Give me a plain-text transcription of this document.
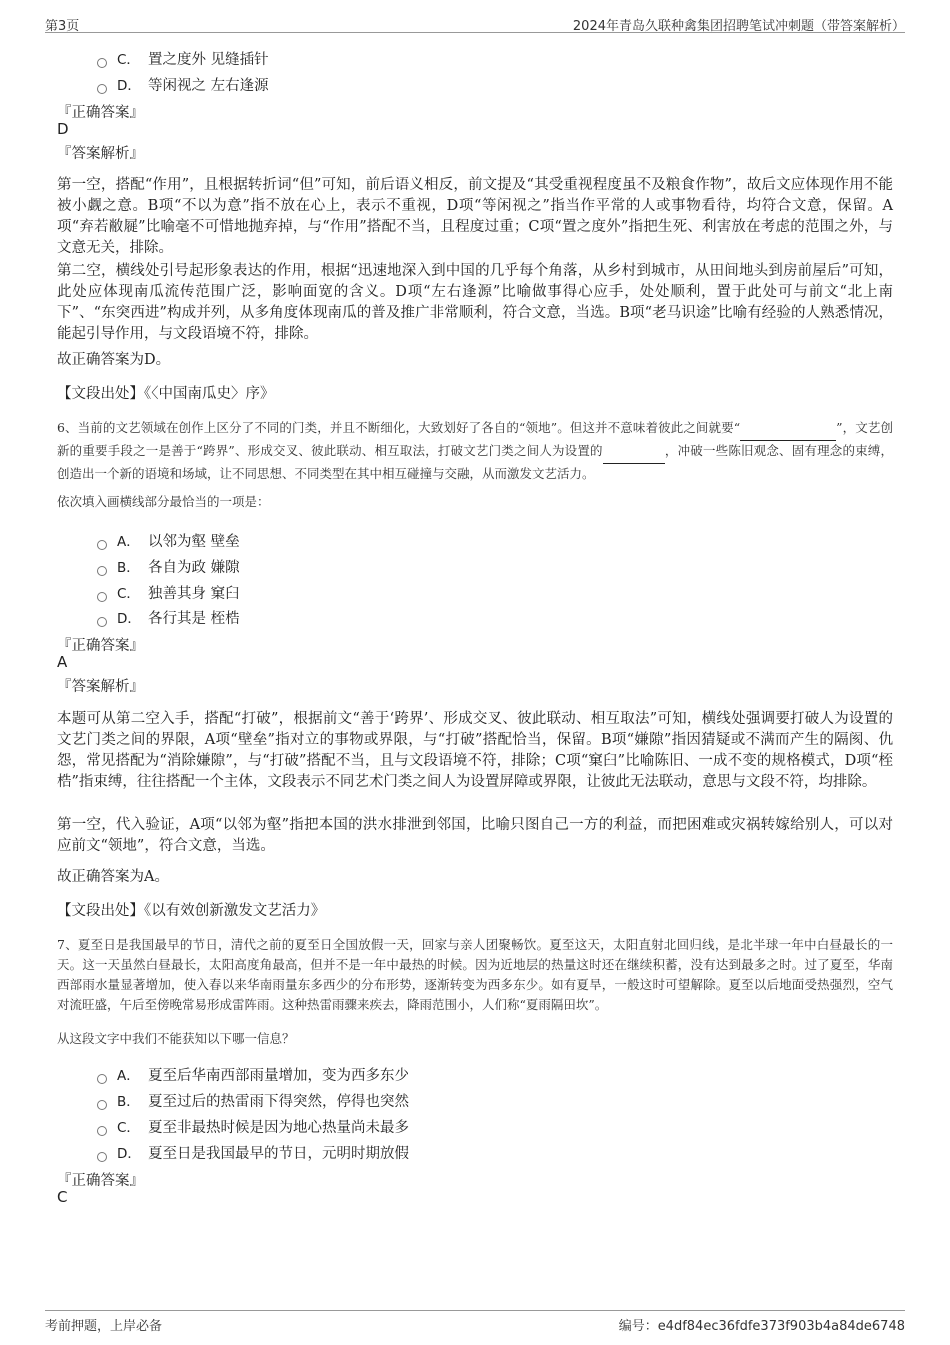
第3页	2024年青岛久联种禽集团招聘笔试冲刺题（带答案解析）
C． 置之度外 见缝插针
D． 等闲视之 左右逢源
『正确答案』
D
『答案解析』
第一空，搭配“作用”，且根据转折词“但”可知，前后语义相反，前文提及“其受重视程度虽不及粮食作物”，故后文应体现作用不能被小觑之意。B项“不以为意”指不放在心上，表示不重视，D项“等闲视之”指当作平常的人或事物看待，均符合文意，保留。A项“弃若敝屣”比喻毫不可惜地抛弃掉，与“作用”搭配不当，且程度过重；C项“置之度外”指把生死、利害放在考虑的范围之外，与文意无关，排除。
第二空，横线处引号起形象表达的作用，根据“迅速地深入到中国的几乎每个角落，从乡村到城市，从田间地头到房前屋后”可知，此处应体现南瓜流传范围广泛，影响面宽的含义。D项“左右逢源”比喻做事得心应手，处处顺利，置于此处可与前文“北上南下”、“东突西进”构成并列，从多角度体现南瓜的普及推广非常顺利，符合文意，当选。B项“老马识途”比喻有经验的人熟悉情况，能起引导作用，与文段语境不符，排除。
故正确答案为D。
【文段出处】《〈中国南瓜史〉序》
6、当前的文艺领域在创作上区分了不同的门类，并且不断细化，大致划好了各自的“领地”。但这并不意味着彼此之间就要“	”，文艺创新的重要手段之一是善于“跨界”、形成交叉、彼此联动、相互取法，打破文艺门类之间人为设置的	，冲破一些陈旧观念、固有理念的束缚，创造出一个新的语境和场域，让不同思想、不同类型在其中相互碰撞与交融，从而激发文艺活力。
依次填入画横线部分最恰当的一项是：
A． 以邻为壑 壁垒
B． 各自为政 嫌隙
C． 独善其身 窠臼
D． 各行其是 桎梏
『正确答案』
A
『答案解析』
本题可从第二空入手，搭配“打破”，根据前文“善于‘跨界’、形成交叉、彼此联动、相互取法”可知，横线处强调要打破人为设置的文艺门类之间的界限，A项“壁垒”指对立的事物或界限，与“打破”搭配恰当，保留。B项“嫌隙”指因猜疑或不满而产生的隔阂、仇怨，常见搭配为“消除嫌隙”，与“打破”搭配不当，且与文段语境不符，排除；C项“窠臼”比喻陈旧、一成不变的规格模式，D项“桎梏”指束缚，往往搭配一个主体，文段表示不同艺术门类之间人为设置屏障或界限，让彼此无法联动，意思与文段不符，均排除。
第一空，代入验证，A项“以邻为壑”指把本国的洪水排泄到邻国，比喻只图自己一方的利益，而把困难或灾祸转嫁给别人，可以对应前文“领地”，符合文意，当选。
故正确答案为A。
【文段出处】《以有效创新激发文艺活力》
7、夏至日是我国最早的节日，清代之前的夏至日全国放假一天，回家与亲人团聚畅饮。夏至这天，太阳直射北回归线，是北半球一年中白昼最长的一天。这一天虽然白昼最长，太阳高度角最高，但并不是一年中最热的时候。因为近地层的热量这时还在继续积蓄，没有达到最多之时。过了夏至，华南西部雨水量显著增加，使入春以来华南雨量东多西少的分布形势，逐渐转变为西多东少。如有夏旱，一般这时可望解除。夏至以后地面受热强烈，空气对流旺盛，午后至傍晚常易形成雷阵雨。这种热雷雨骤来疾去，降雨范围小，人们称“夏雨隔田坎”。
从这段文字中我们不能获知以下哪一信息？
A． 夏至后华南西部雨量增加，变为西多东少
B． 夏至过后的热雷雨下得突然，停得也突然
C． 夏至非最热时候是因为地心热量尚未最多
D． 夏至日是我国最早的节日，元明时期放假
『正确答案』
C
考前押题，上岸必备	编号：e4df84ec36fdfe373f903b4a84de6748
